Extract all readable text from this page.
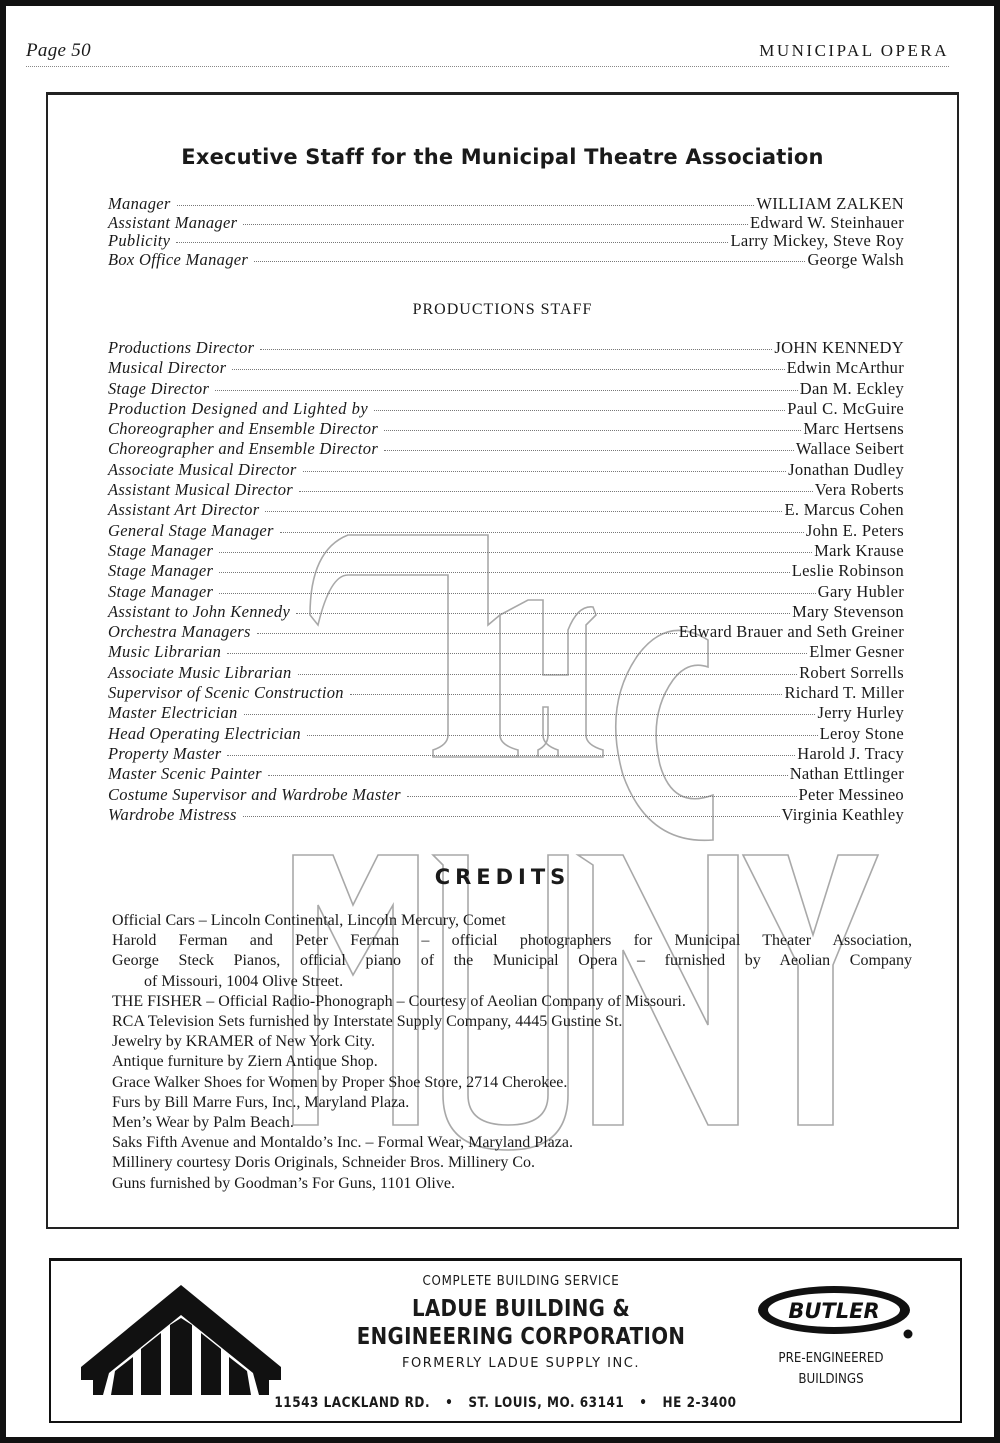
Page 50	MUNICIPAL OPERA
Executive Staff for the Municipal Theatre Association
Manager	WILLIAM ZALKEN
Assistant Manager	Edward W. Steinhauer
Publicity	Larry Mickey, Steve Roy
Box Office Manager	George Walsh
PRODUCTIONS STAFF
Productions Director	JOHN KENNEDY
Musical Director	Edwin McArthur
Stage Director	Dan M. Eckley
Production Designed and Lighted by	Paul C. McGuire
Choreographer and Ensemble Director	Marc Hertsens
Choreographer and Ensemble Director	Wallace Seibert
Associate Musical Director	Jonathan Dudley
Assistant Musical Director	Vera Roberts
Assistant Art Director	E. Marcus Cohen
General Stage Manager	John E. Peters
Stage Manager	Mark Krause
Stage Manager	Leslie Robinson
Stage Manager	Gary Hubler
Assistant to John Kennedy	Mary Stevenson
Orchestra Managers	Edward Brauer and Seth Greiner
Music Librarian	Elmer Gesner
Associate Music Librarian	Robert Sorrells
Supervisor of Scenic Construction	Richard T. Miller
Master Electrician	Jerry Hurley
Head Operating Electrician	Leroy Stone
Property Master	Harold J. Tracy
Master Scenic Painter	Nathan Ettlinger
Costume Supervisor and Wardrobe Master	Peter Messineo
Wardrobe Mistress	Virginia Keathley
CREDITS
Official Cars – Lincoln Continental, Lincoln Mercury, Comet
Harold Ferman and Peter Ferman – official photographers for Municipal Theater Association,
George Steck Pianos, official piano of the Municipal Opera – furnished by Aeolian Company
of Missouri, 1004 Olive Street.
THE FISHER – Official Radio-Phonograph – Courtesy of Aeolian Company of Missouri.
RCA Television Sets furnished by Interstate Supply Company, 4445 Gustine St.
Jewelry by KRAMER of New York City.
Antique furniture by Ziern Antique Shop.
Grace Walker Shoes for Women by Proper Shoe Store, 2714 Cherokee.
Furs by Bill Marre Furs, Inc., Maryland Plaza.
Men’s Wear by Palm Beach.
Saks Fifth Avenue and Montaldo’s Inc. – Formal Wear, Maryland Plaza.
Millinery courtesy Doris Originals, Schneider Bros. Millinery Co.
Guns furnished by Goodman’s For Guns, 1101 Olive.
COMPLETE BUILDING SERVICE
LADUE BUILDING &
ENGINEERING CORPORATION
FORMERLY LADUE SUPPLY INC.
11543 LACKLAND RD. • ST. LOUIS, MO. 63141 • HE 2-3400
BUTLER
PRE-ENGINEERED
BUILDINGS
